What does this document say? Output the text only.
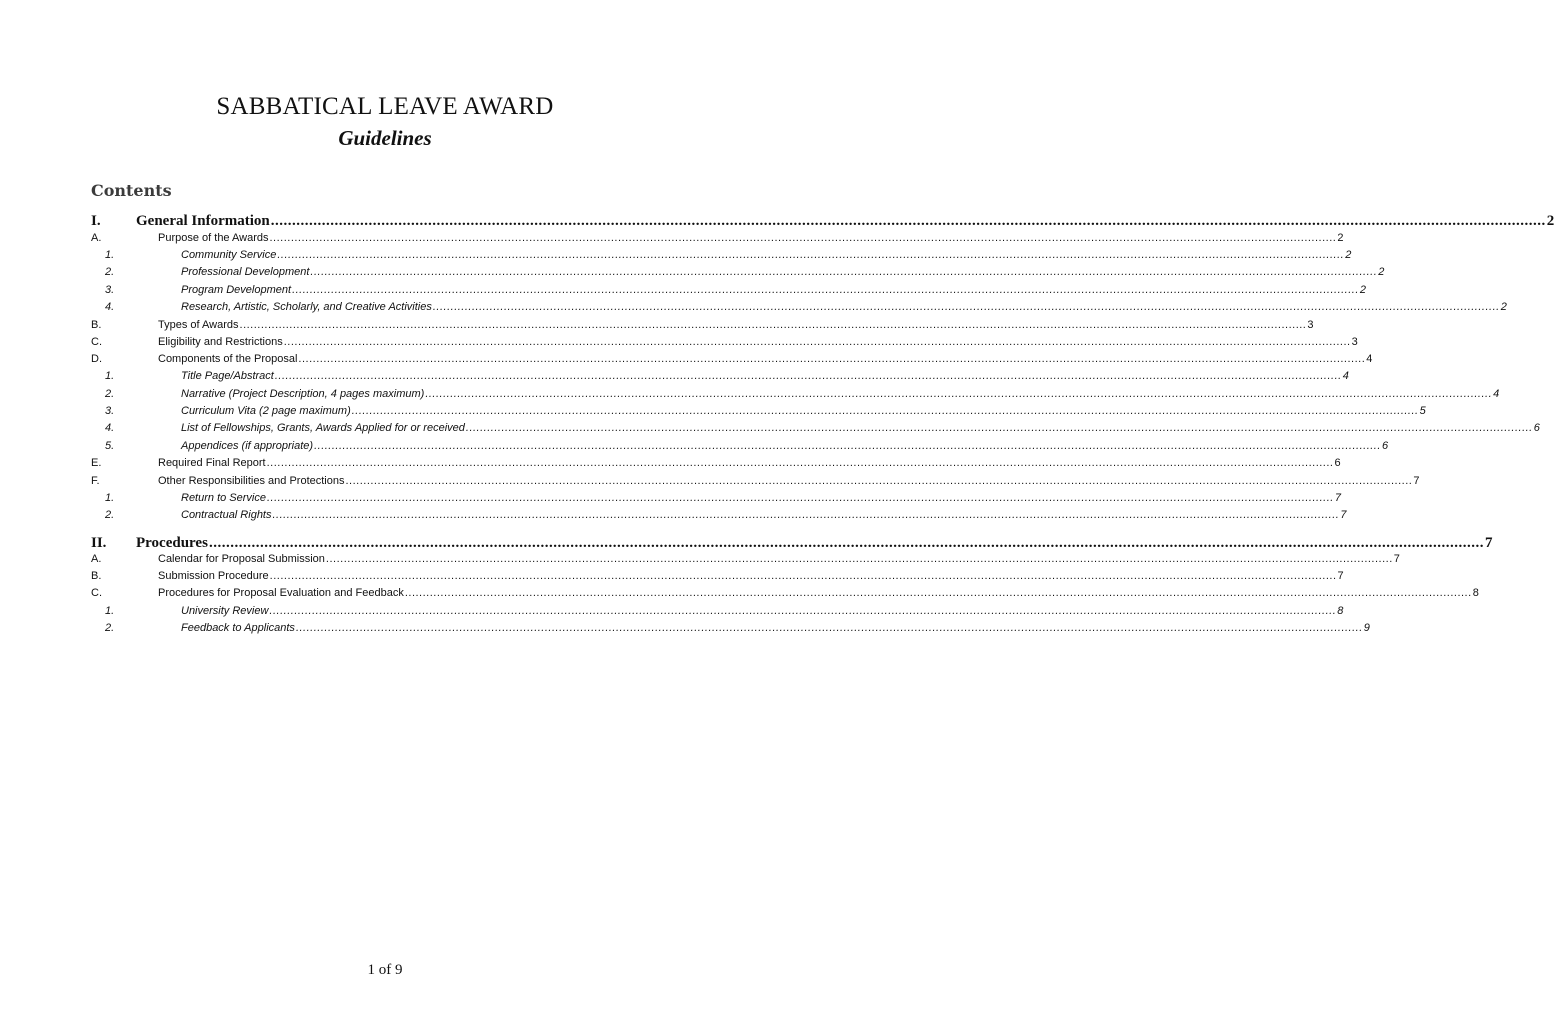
SABBATICAL LEAVE AWARD
Guidelines
Contents
I. General Information ............................................................................................................................................................................................................................................................................................................ 2
A.	Purpose of the Awards ............................................................................................................................................................................................................................................................................................................ 2
1.	Community Service ............................................................................................................................................................................................................................................................................................................ 2
2.	Professional Development ............................................................................................................................................................................................................................................................................................................ 2
3.	Program Development ............................................................................................................................................................................................................................................................................................................ 2
4.	Research, Artistic, Scholarly, and Creative Activities ............................................................................................................................................................................................................................................................................................................ 2
B.	Types of Awards ............................................................................................................................................................................................................................................................................................................ 3
C.	Eligibility and Restrictions ............................................................................................................................................................................................................................................................................................................ 3
D.	Components of the Proposal ............................................................................................................................................................................................................................................................................................................ 4
1.	Title Page/Abstract ............................................................................................................................................................................................................................................................................................................ 4
2.	Narrative (Project Description, 4 pages maximum) ............................................................................................................................................................................................................................................................................................................ 4
3.	Curriculum Vita (2 page maximum) ............................................................................................................................................................................................................................................................................................................ 5
4.	List of Fellowships, Grants, Awards Applied for or received ............................................................................................................................................................................................................................................................................................................ 6
5.	Appendices (if appropriate) ............................................................................................................................................................................................................................................................................................................ 6
E.	Required Final Report ............................................................................................................................................................................................................................................................................................................ 6
F.	Other Responsibilities and Protections ............................................................................................................................................................................................................................................................................................................ 7
1.	Return to Service ............................................................................................................................................................................................................................................................................................................ 7
2.	Contractual Rights ............................................................................................................................................................................................................................................................................................................ 7
II. Procedures ............................................................................................................................................................................................................................................................................................................ 7
A.	Calendar for Proposal Submission ............................................................................................................................................................................................................................................................................................................ 7
B.	Submission Procedure ............................................................................................................................................................................................................................................................................................................ 7
C.	Procedures for Proposal Evaluation and Feedback ............................................................................................................................................................................................................................................................................................................ 8
1.	University Review ............................................................................................................................................................................................................................................................................................................ 8
2.	Feedback to Applicants ............................................................................................................................................................................................................................................................................................................ 9
1 of 9
